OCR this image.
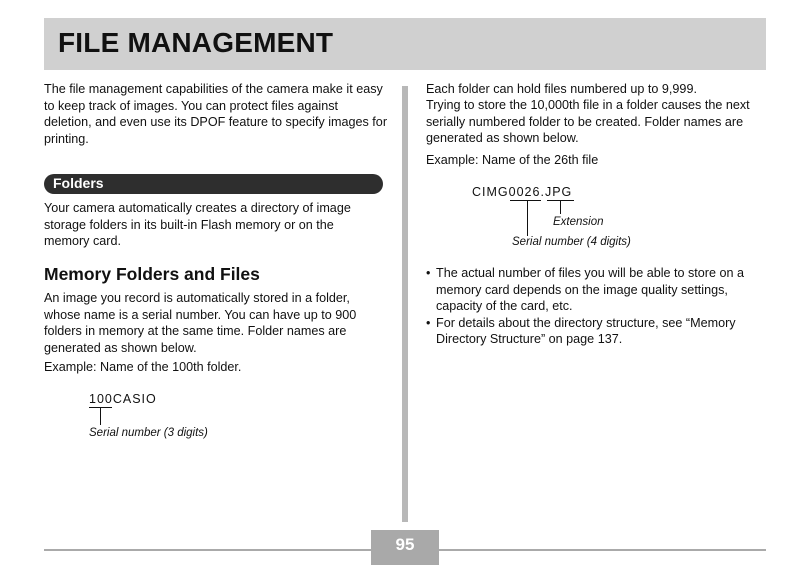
FILE MANAGEMENT
The file management capabilities of the camera make it easy to keep track of images. You can protect files against deletion, and even use its DPOF feature to specify images for printing.
Folders
Your camera automatically creates a directory of image storage folders in its built-in Flash memory or on the memory card.
Memory Folders and Files
An image you record is automatically stored in a folder, whose name is a serial number. You can have up to 900 folders in memory at the same time. Folder names are generated as shown below.
Example: Name of the 100th folder.
100CASIO
Serial number (3 digits)
Each folder can hold files numbered up to 9,999.
Trying to store the 10,000th file in a folder causes the next serially numbered folder to be created. Folder names are generated as shown below.
Example: Name of the 26th file
CIMG0026.JPG
Extension
Serial number (4 digits)
• The actual number of files you will be able to store on a memory card depends on the image quality settings, capacity of the card, etc.
• For details about the directory structure, see “Memory Directory Structure” on page 137.
95
